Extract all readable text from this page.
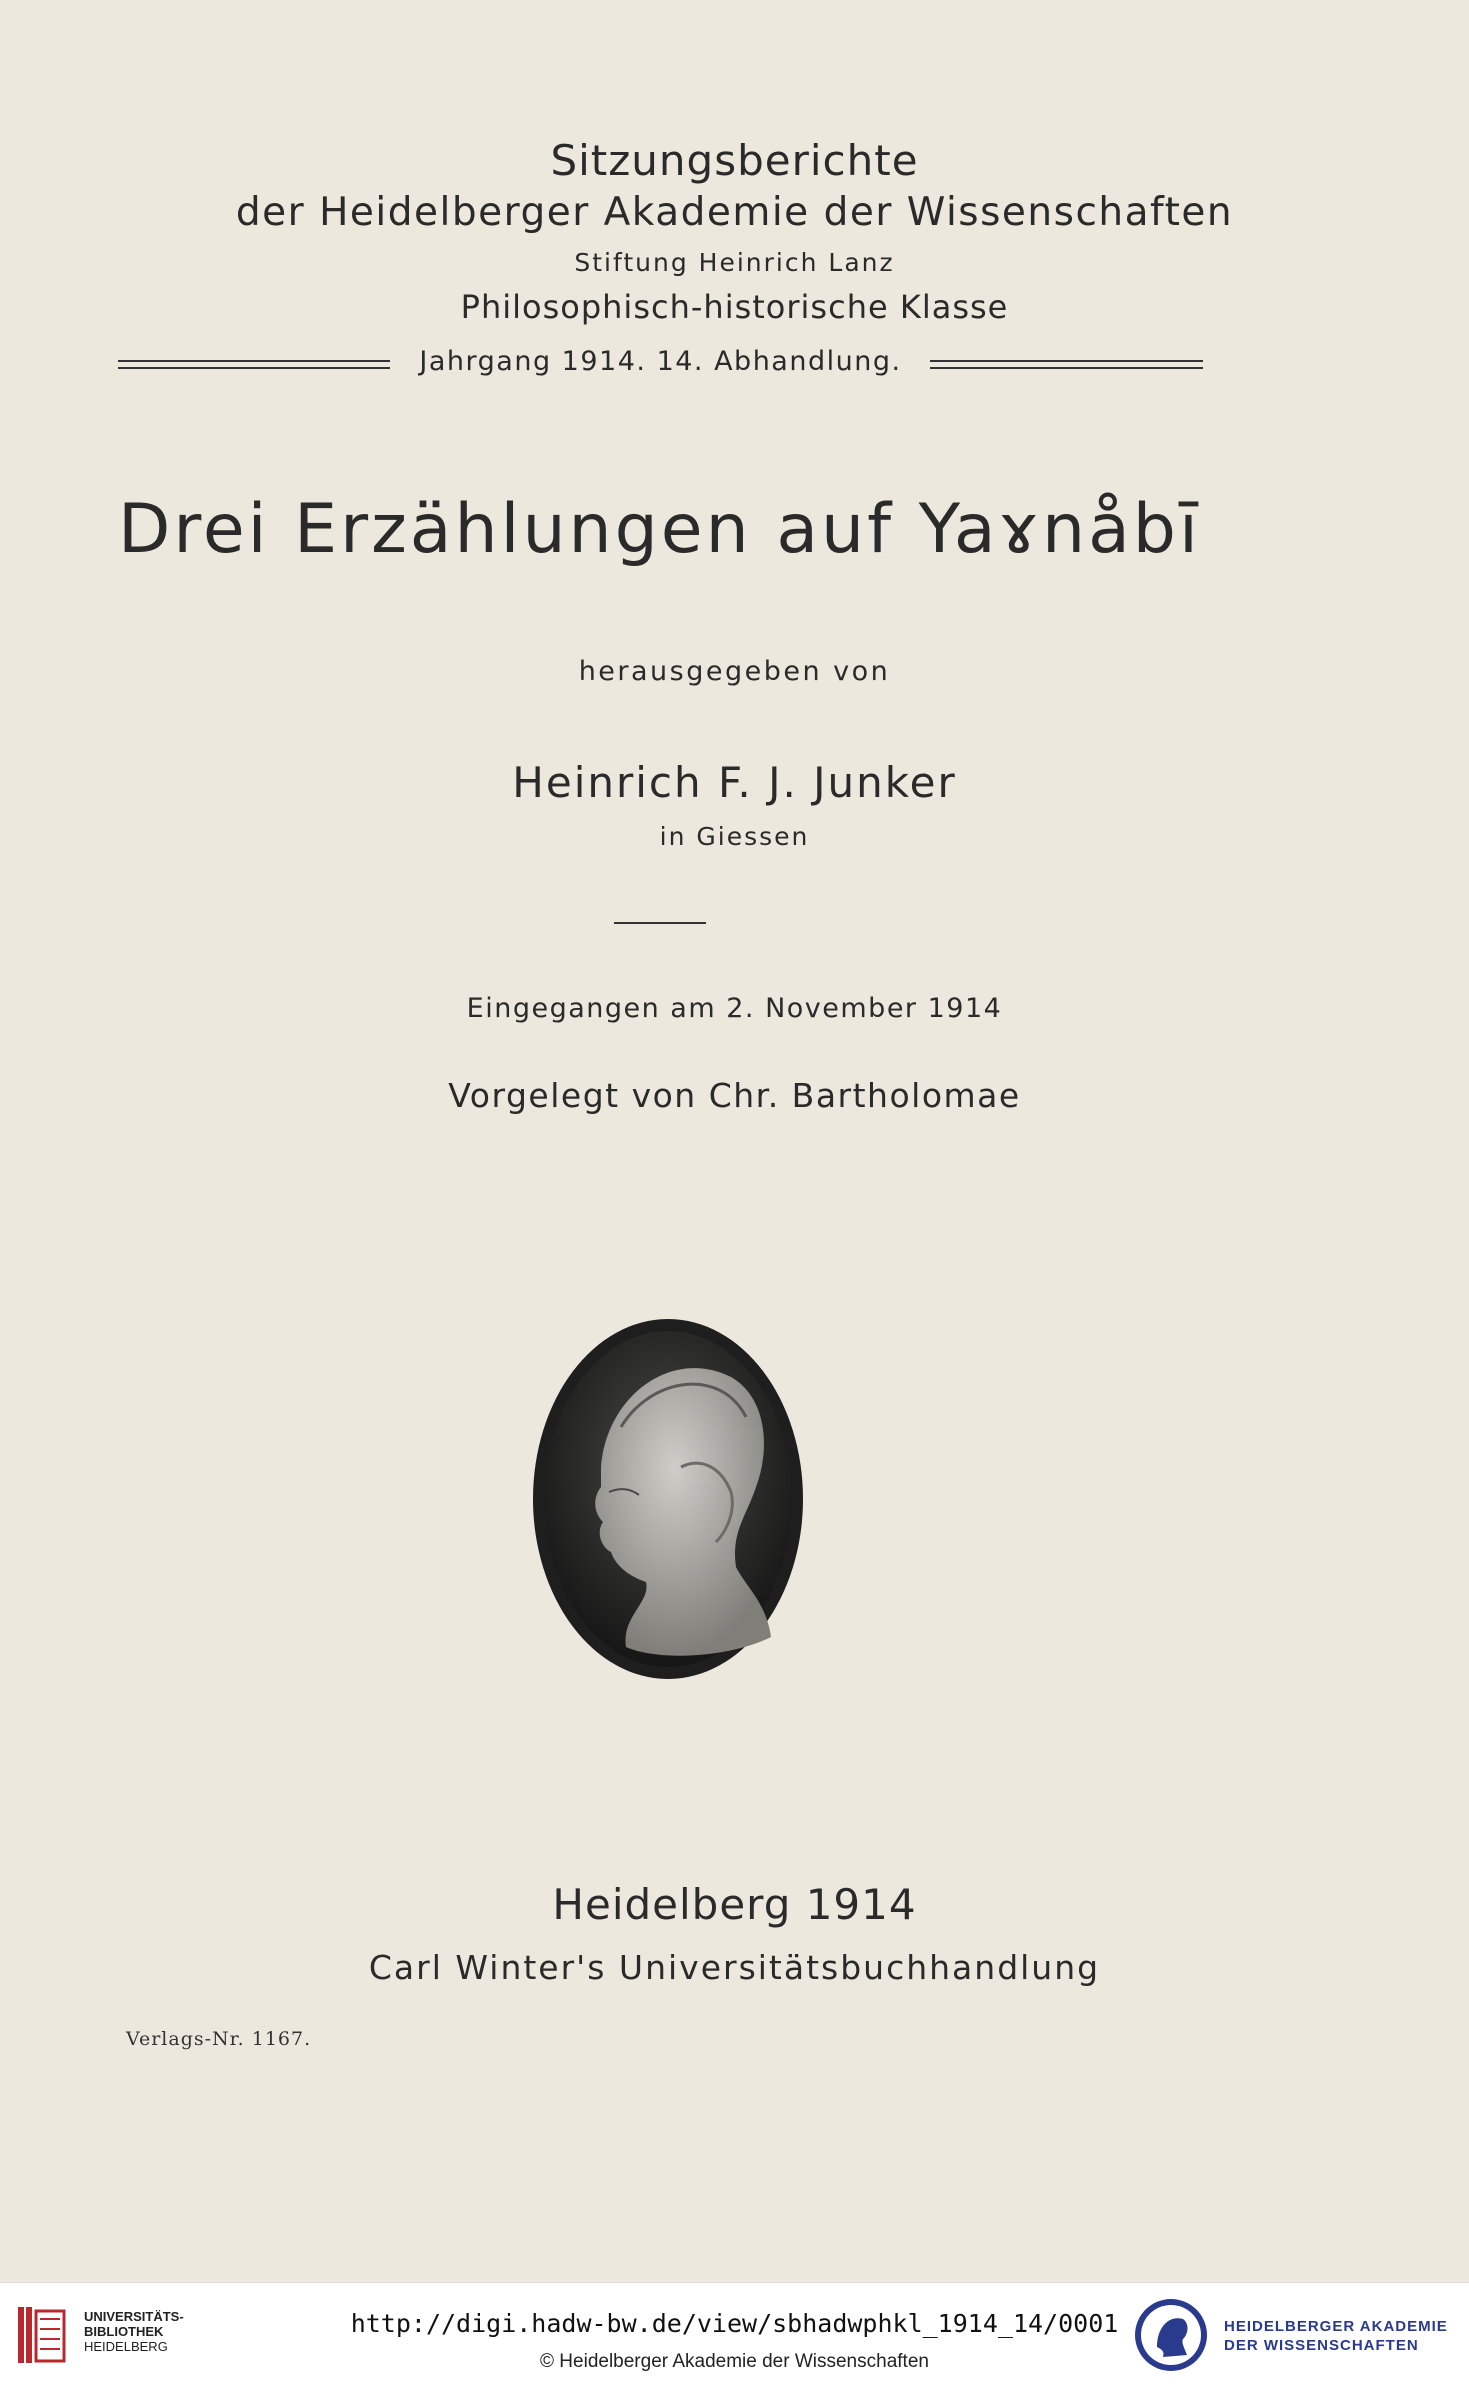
Sitzungsberichte
der Heidelberger Akademie der Wissenschaften
Stiftung Heinrich Lanz
Philosophisch-historische Klasse
Jahrgang 1914. 14. Abhandlung.
Drei Erzählungen auf Yaɤnåbī
herausgegeben von
Heinrich F. J. Junker
in Giessen
Eingegangen am 2. November 1914
Vorgelegt von Chr. Bartholomae
Heidelberg 1914
Carl Winter's Universitätsbuchhandlung
Verlags-Nr. 1167.
UNIVERSITÄTS-
BIBLIOTHEK
HEIDELBERG
http://digi.hadw-bw.de/view/sbhadwphkl_1914_14/0001
© Heidelberger Akademie der Wissenschaften
HEIDELBERGER AKADEMIE
DER WISSENSCHAFTEN
